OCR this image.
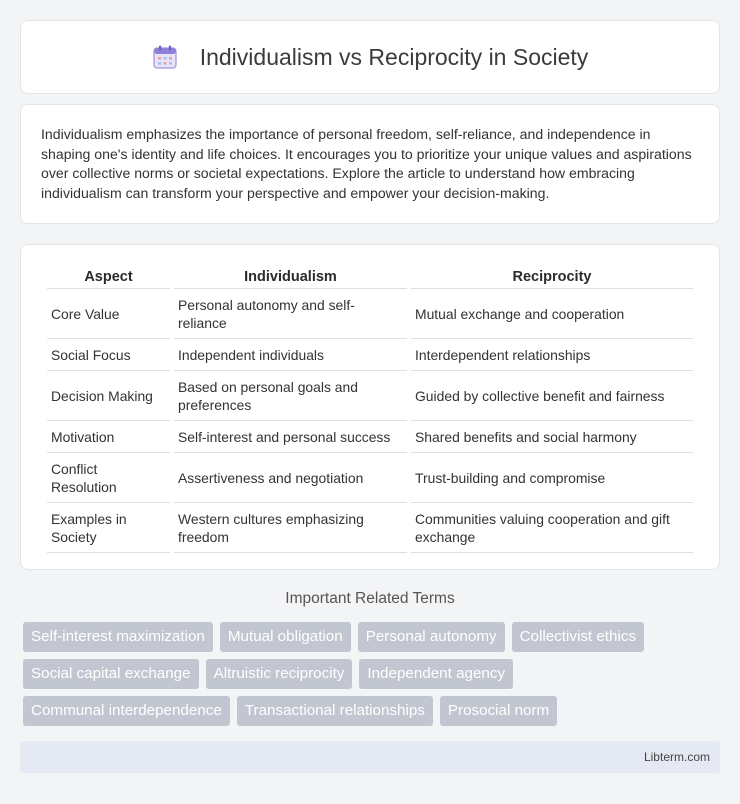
Individualism vs Reciprocity in Society

Individualism emphasizes the importance of personal freedom, self-reliance, and independence in shaping one's identity and life choices. It encourages you to prioritize your unique values and aspirations over collective norms or societal expectations. Explore the article to understand how embracing individualism can transform your perspective and empower your decision-making.

Aspect	Individualism	Reciprocity
Core Value	Personal autonomy and self-reliance	Mutual exchange and cooperation
Social Focus	Independent individuals	Interdependent relationships
Decision Making	Based on personal goals and preferences	Guided by collective benefit and fairness
Motivation	Self-interest and personal success	Shared benefits and social harmony
Conflict Resolution	Assertiveness and negotiation	Trust-building and compromise
Examples in Society	Western cultures emphasizing freedom	Communities valuing cooperation and gift exchange
Important Related Terms
Self-interest maximization	Mutual obligation	Personal autonomy	Collectivist ethics
Social capital exchange	Altruistic reciprocity	Independent agency
Communal interdependence	Transactional relationships	Prosocial norm
Libterm.com
